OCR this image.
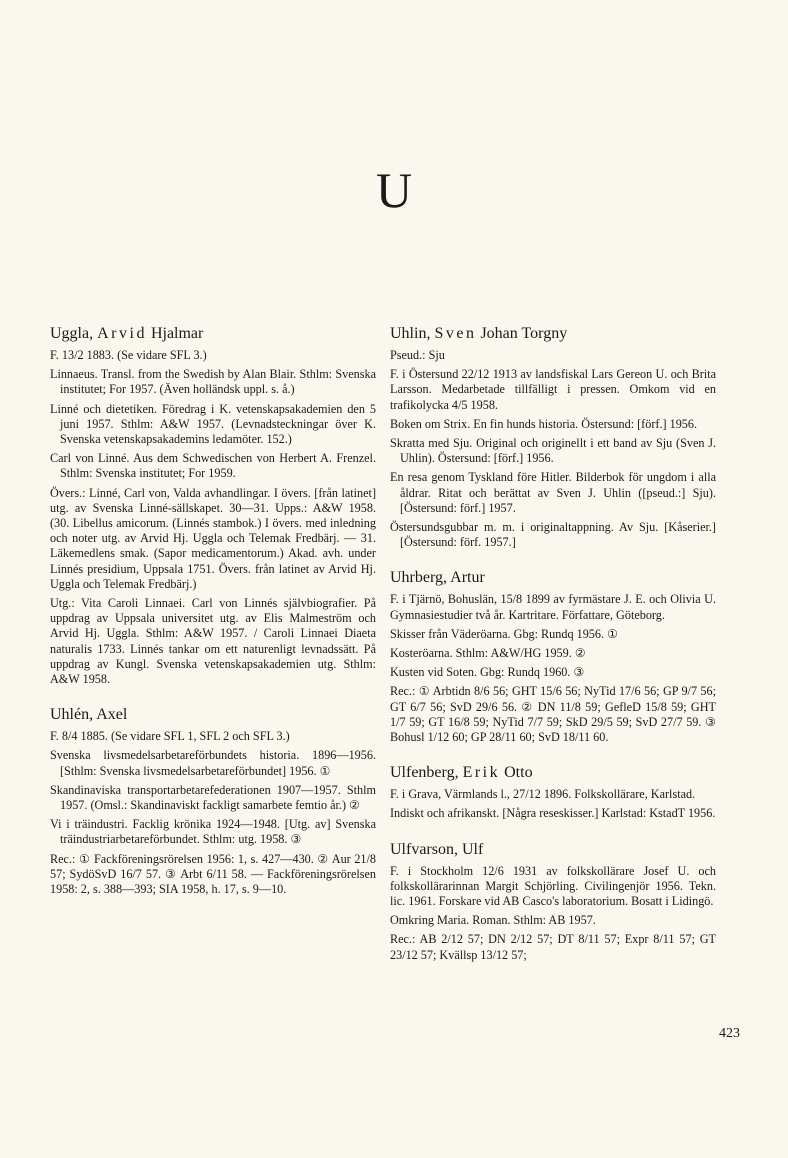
U
Uggla, Arvid Hjalmar
F. 13/2 1883. (Se vidare SFL 3.)
Linnaeus. Transl. from the Swedish by Alan Blair. Sthlm: Svenska institutet; For 1957. (Även holländsk uppl. s. å.)
Linné och dietetiken. Föredrag i K. vetenskapsakademien den 5 juni 1957. Sthlm: A&W 1957. (Levnadsteckningar över K. Svenska vetenskapsakademins ledamöter. 152.)
Carl von Linné. Aus dem Schwedischen von Herbert A. Frenzel. Sthlm: Svenska institutet; For 1959.
Övers.: Linné, Carl von, Valda avhandlingar. I övers. [från latinet] utg. av Svenska Linné-sällskapet. 30—31. Upps.: A&W 1958. (30. Libellus amicorum. (Linnés stambok.) I övers. med inledning och noter utg. av Arvid Hj. Uggla och Telemak Fredbärj. — 31. Läkemedlens smak. (Sapor medicamentorum.) Akad. avh. under Linnés presidium, Uppsala 1751. Övers. från latinet av Arvid Hj. Uggla och Telemak Fredbärj.)
Utg.: Vita Caroli Linnaei. Carl von Linnés självbiografier. På uppdrag av Uppsala universitet utg. av Elis Malmeström och Arvid Hj. Uggla. Sthlm: A&W 1957. / Caroli Linnaei Diaeta naturalis 1733. Linnés tankar om ett naturenligt levnadssätt. På uppdrag av Kungl. Svenska vetenskapsakademien utg. Sthlm: A&W 1958.
Uhlén, Axel
F. 8/4 1885. (Se vidare SFL 1, SFL 2 och SFL 3.)
Svenska livsmedelsarbetareförbundets historia. 1896—1956. [Sthlm: Svenska livsmedelsarbetareförbundet] 1956. ①
Skandinaviska transportarbetarefederationen 1907—1957. Sthlm 1957. (Omsl.: Skandinaviskt fackligt samarbete femtio år.) ②
Vi i träindustri. Facklig krönika 1924—1948. [Utg. av] Svenska träindustriarbetareförbundet. Sthlm: utg. 1958. ③
Rec.: ① Fackföreningsrörelsen 1956: 1, s. 427—430. ② Aur 21/8 57; SydöSvD 16/7 57. ③ Arbt 6/11 58. — Fackföreningsrörelsen 1958: 2, s. 388—393; SIA 1958, h. 17, s. 9—10.
Uhlin, Sven Johan Torgny
Pseud.: Sju
F. i Östersund 22/12 1913 av landsfiskal Lars Gereon U. och Brita Larsson. Medarbetade tillfälligt i pressen. Omkom vid en trafikolycka 4/5 1958.
Boken om Strix. En fin hunds historia. Östersund: [förf.] 1956.
Skratta med Sju. Original och originellt i ett band av Sju (Sven J. Uhlin). Östersund: [förf.] 1956.
En resa genom Tyskland före Hitler. Bilderbok för ungdom i alla åldrar. Ritat och berättat av Sven J. Uhlin ([pseud.:] Sju). [Östersund: förf.] 1957.
Östersundsgubbar m. m. i originaltappning. Av Sju. [Kåserier.] [Östersund: förf. 1957.]
Uhrberg, Artur
F. i Tjärnö, Bohuslän, 15/8 1899 av fyrmästare J. E. och Olivia U. Gymnasiestudier två år. Kartritare. Författare, Göteborg.
Skisser från Väderöarna. Gbg: Rundq 1956. ①
Kosteröarna. Sthlm: A&W/HG 1959. ②
Kusten vid Soten. Gbg: Rundq 1960. ③
Rec.: ① Arbtidn 8/6 56; GHT 15/6 56; NyTid 17/6 56; GP 9/7 56; GT 6/7 56; SvD 29/6 56. ② DN 11/8 59; GefleD 15/8 59; GHT 1/7 59; GT 16/8 59; NyTid 7/7 59; SkD 29/5 59; SvD 27/7 59. ③ Bohusl 1/12 60; GP 28/11 60; SvD 18/11 60.
Ulfenberg, Erik Otto
F. i Grava, Värmlands l., 27/12 1896. Folkskollärare, Karlstad.
Indiskt och afrikanskt. [Några reseskisser.] Karlstad: KstadT 1956.
Ulfvarson, Ulf
F. i Stockholm 12/6 1931 av folkskollärare Josef U. och folkskollärarinnan Margit Schjörling. Civilingenjör 1956. Tekn. lic. 1961. Forskare vid AB Casco's laboratorium. Bosatt i Lidingö.
Omkring Maria. Roman. Sthlm: AB 1957.
Rec.: AB 2/12 57; DN 2/12 57; DT 8/11 57; Expr 8/11 57; GT 23/12 57; Kvällsp 13/12 57;
423
